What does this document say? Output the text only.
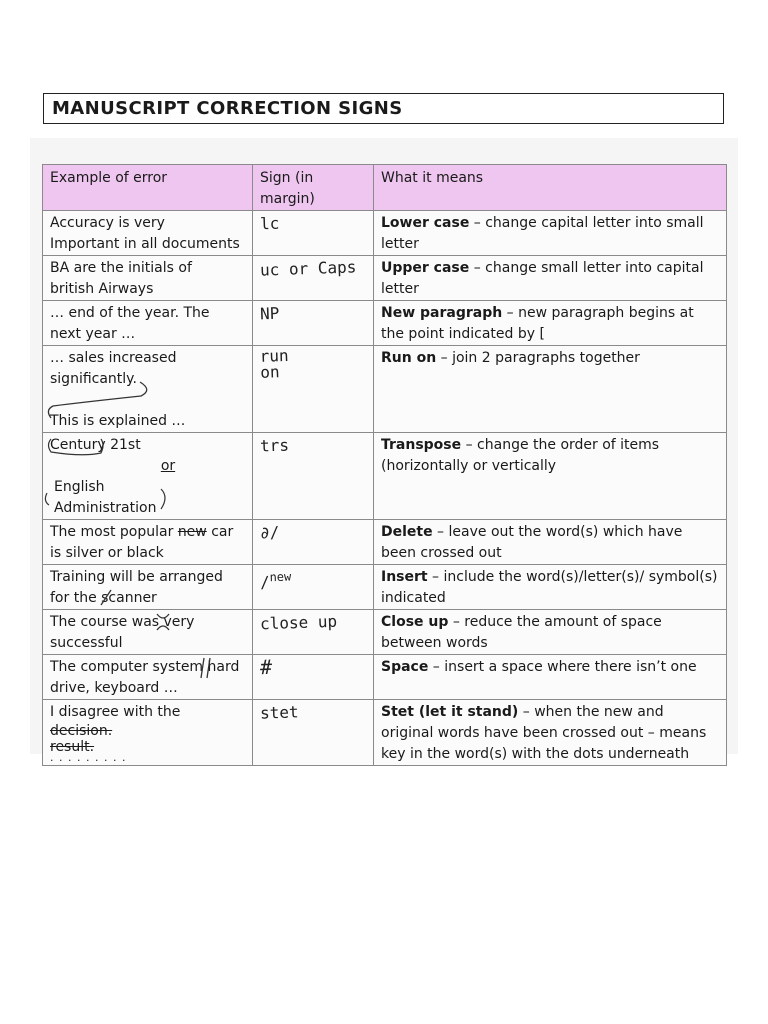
MANUSCRIPT CORRECTION SIGNS
Example of error	Sign (in margin)	What it means

Accuracy is very
Important in all documents	lc	Lower case – change capital letter into small letter

BA are the initials of
british Airways	uc or Caps	Upper case – change small letter into capital letter

… end of the year. The
next year …	NP	New paragraph – new paragraph begins at the point indicated by [

… sales increased
significantly.
This is explained …	run on	Run on – join 2 paragraphs together

Century 21st
or
English
Administration	trs	Transpose – change the order of items (horizontally or vertically

The most popular new car
is silver or black	∂/	Delete – leave out the word(s) which have been crossed out

Training will be arranged
for the scanner	/$^{new}$	Insert – include the word(s)/letter(s)/ symbol(s) indicated

The course was very
successful	close up	Close up – reduce the amount of space between words

The computer system hard
drive, keyboard …	#	Space – insert a space where there isn’t one

I disagree with the
decision.
result.
. . . . . . . . .	stet	Stet (let it stand) – when the new and original words have been crossed out – means key in the word(s) with the dots underneath
